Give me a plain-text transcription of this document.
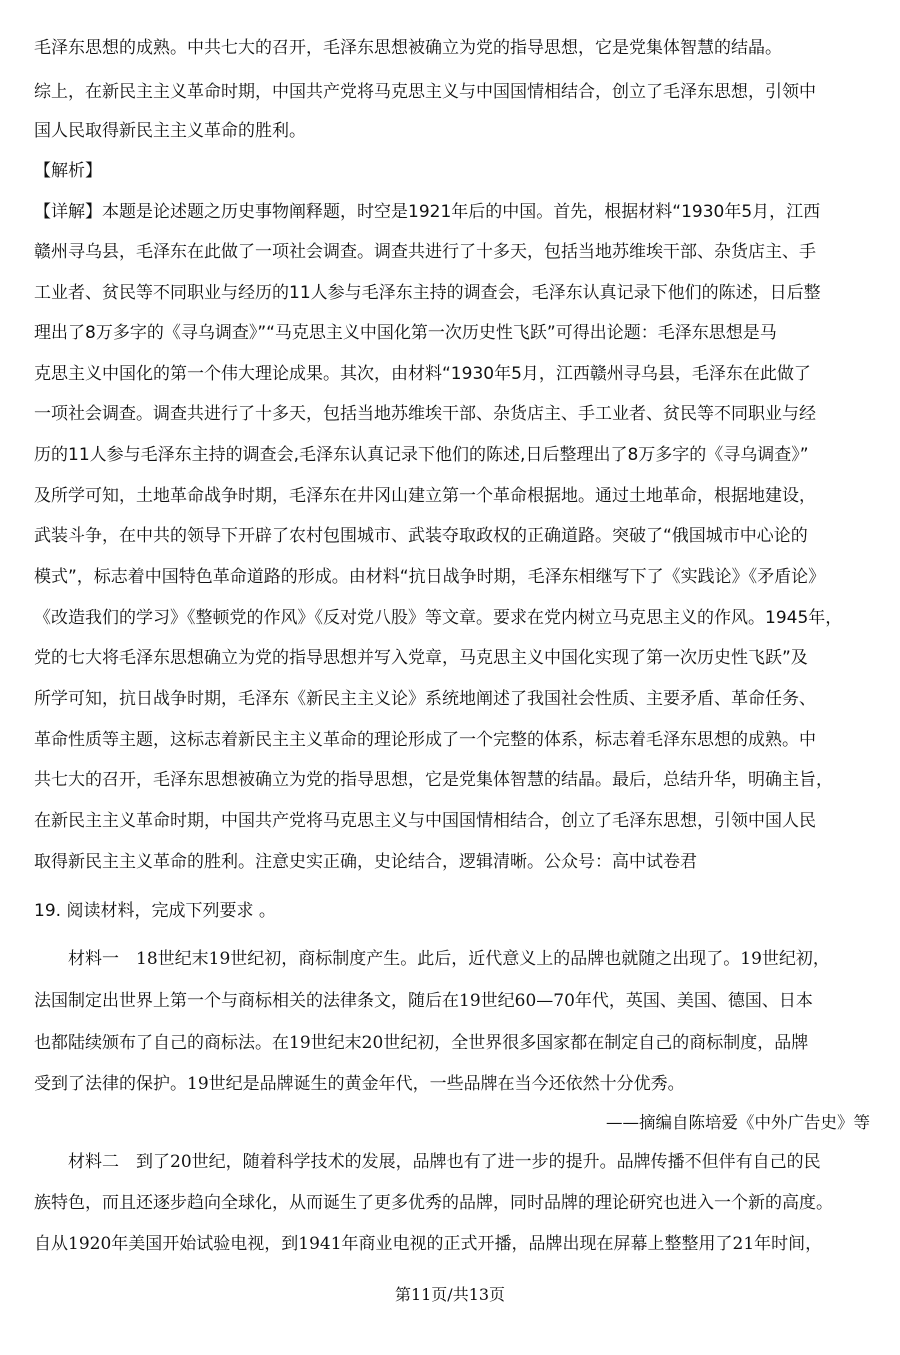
毛泽东思想的成熟。中共七大的召开，毛泽东思想被确立为党的指导思想，它是党集体智慧的结晶。
综上，在新民主主义革命时期，中国共产党将马克思主义与中国国情相结合，创立了毛泽东思想，引领中
国人民取得新民主主义革命的胜利。
【解析】
【详解】本题是论述题之历史事物阐释题，时空是1921年后的中国。首先，根据材料“1930年5月，江西
赣州寻乌县，毛泽东在此做了一项社会调查。调查共进行了十多天，包括当地苏维埃干部、杂货店主、手
工业者、贫民等不同职业与经历的11人参与毛泽东主持的调查会，毛泽东认真记录下他们的陈述，日后整
理出了8万多字的《寻乌调查》”“马克思主义中国化第一次历史性飞跃”可得出论题：毛泽东思想是马
克思主义中国化的第一个伟大理论成果。其次，由材料“1930年5月，江西赣州寻乌县，毛泽东在此做了
一项社会调查。调查共进行了十多天，包括当地苏维埃干部、杂货店主、手工业者、贫民等不同职业与经
历的11人参与毛泽东主持的调查会,毛泽东认真记录下他们的陈述,日后整理出了8万多字的《寻乌调查》”
及所学可知，土地革命战争时期，毛泽东在井冈山建立第一个革命根据地。通过土地革命，根据地建设，
武装斗争，在中共的领导下开辟了农村包围城市、武装夺取政权的正确道路。突破了“俄国城市中心论的
模式”，标志着中国特色革命道路的形成。由材料“抗日战争时期，毛泽东相继写下了《实践论》《矛盾论》
《改造我们的学习》《整顿党的作风》《反对党八股》等文章。要求在党内树立马克思主义的作风。1945年，
党的七大将毛泽东思想确立为党的指导思想并写入党章，马克思主义中国化实现了第一次历史性飞跃”及
所学可知，抗日战争时期，毛泽东《新民主主义论》系统地阐述了我国社会性质、主要矛盾、革命任务、
革命性质等主题，这标志着新民主主义革命的理论形成了一个完整的体系，标志着毛泽东思想的成熟。中
共七大的召开，毛泽东思想被确立为党的指导思想，它是党集体智慧的结晶。最后，总结升华，明确主旨，
在新民主主义革命时期，中国共产党将马克思主义与中国国情相结合，创立了毛泽东思想，引领中国人民
取得新民主主义革命的胜利。注意史实正确，史论结合，逻辑清晰。公众号：高中试卷君
19. 阅读材料，完成下列要求 。
材料一　18世纪末19世纪初，商标制度产生。此后，近代意义上的品牌也就随之出现了。19世纪初，
法国制定出世界上第一个与商标相关的法律条文，随后在19世纪60—70年代，英国、美国、德国、日本
也都陆续颁布了自己的商标法。在19世纪末20世纪初，全世界很多国家都在制定自己的商标制度，品牌
受到了法律的保护。19世纪是品牌诞生的黄金年代，一些品牌在当今还依然十分优秀。
——摘编自陈培爱《中外广告史》等
材料二　到了20世纪，随着科学技术的发展，品牌也有了进一步的提升。品牌传播不但伴有自己的民
族特色，而且还逐步趋向全球化，从而诞生了更多优秀的品牌，同时品牌的理论研究也进入一个新的高度。
自从1920年美国开始试验电视，到1941年商业电视的正式开播，品牌出现在屏幕上整整用了21年时间，
第11页/共13页
